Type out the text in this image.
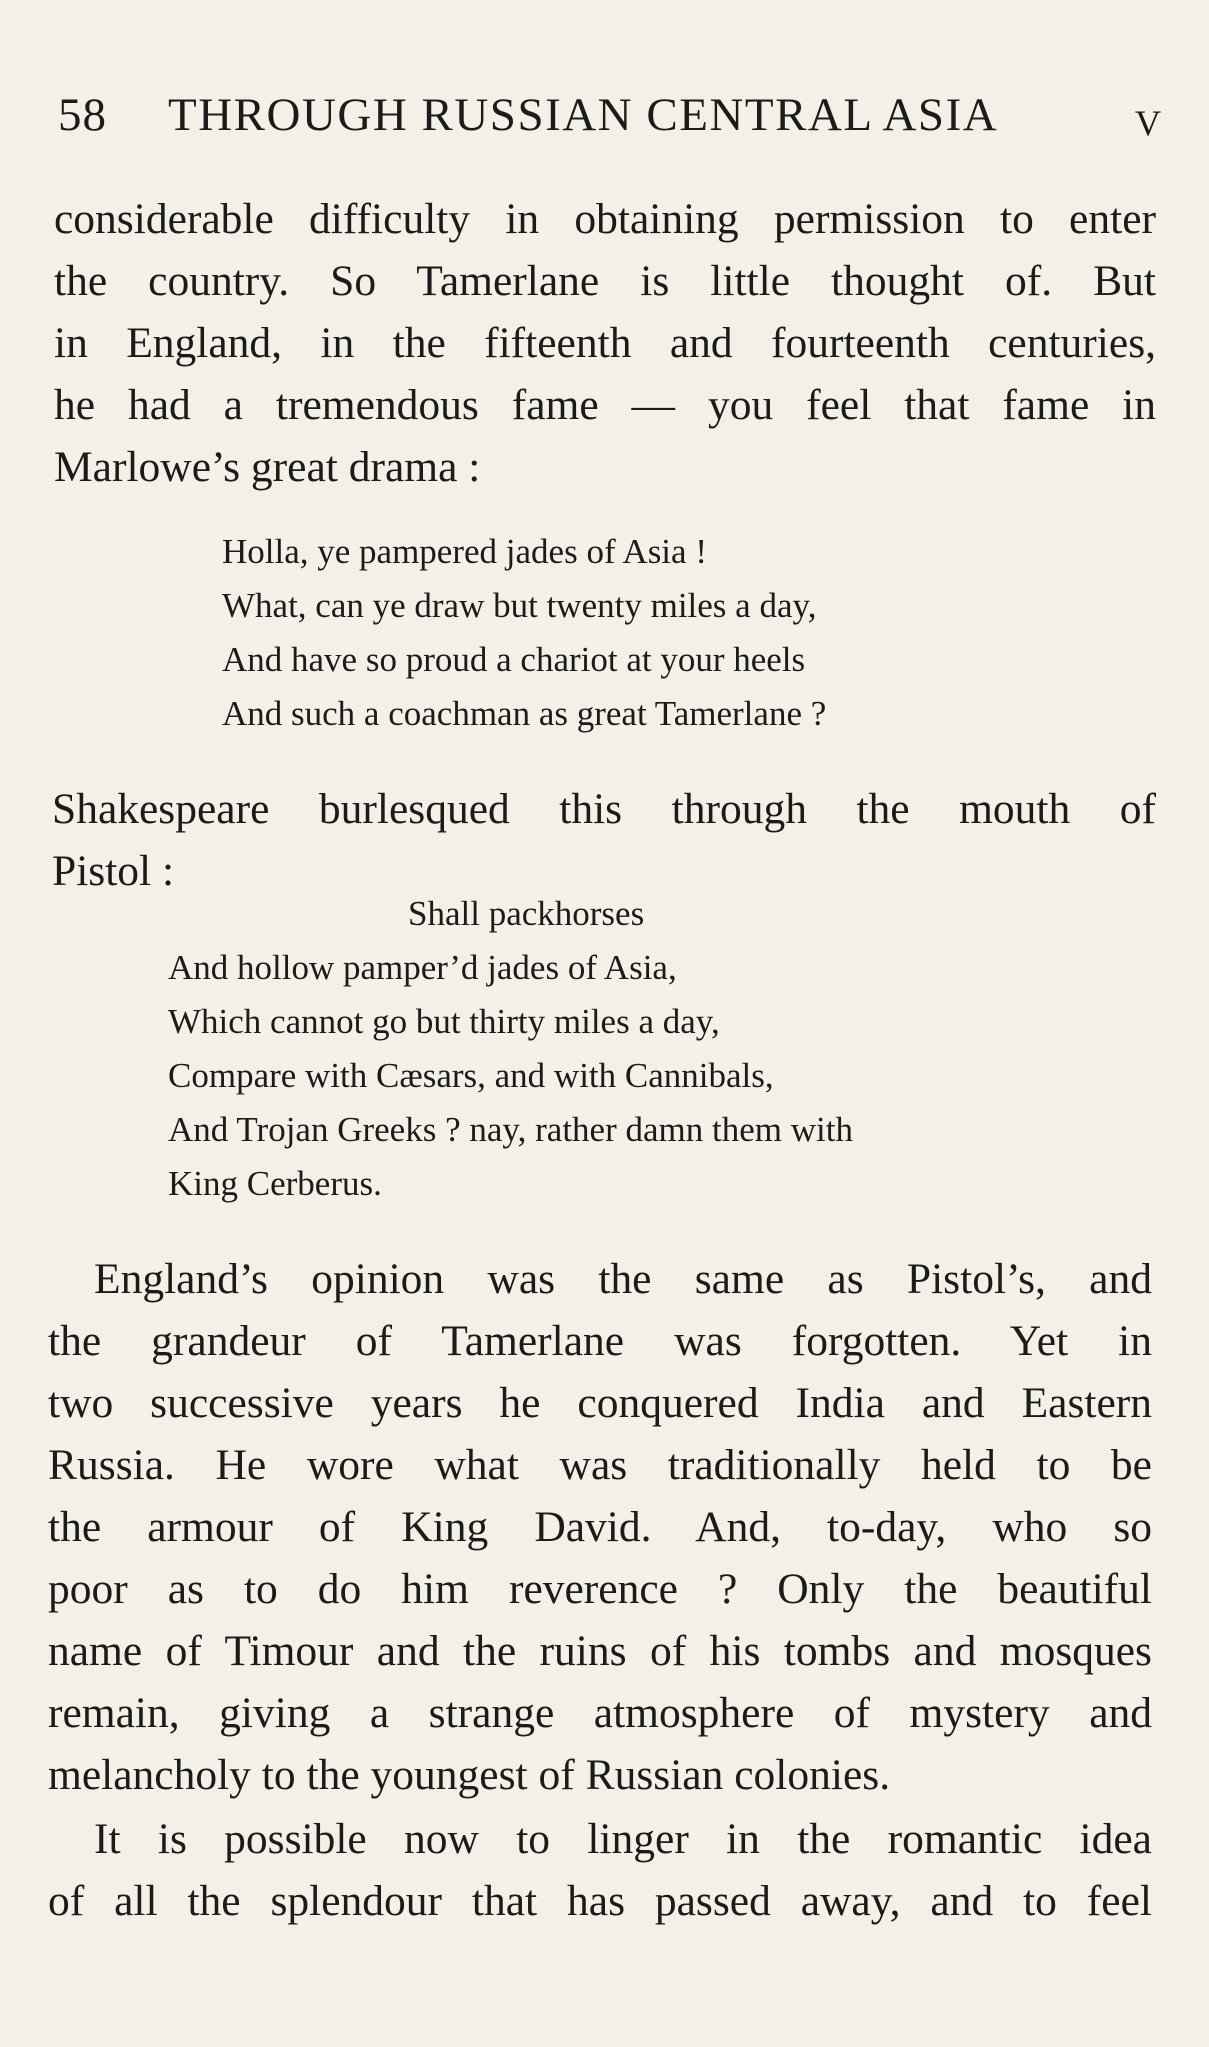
58 THROUGH RUSSIAN CENTRAL ASIA	V
considerable difficulty in obtaining permission to enter
the country. So Tamerlane is little thought of. But
in England, in the fifteenth and fourteenth centuries,
he had a tremendous fame — you feel that fame in
Marlowe’s great drama :
Holla, ye pampered jades of Asia !
What, can ye draw but twenty miles a day,
And have so proud a chariot at your heels
And such a coachman as great Tamerlane ?
Shakespeare burlesqued this through the mouth of
Pistol :
Shall packhorses
And hollow pamper’d jades of Asia,
Which cannot go but thirty miles a day,
Compare with Cæsars, and with Cannibals,
And Trojan Greeks ? nay, rather damn them with
King Cerberus.
England’s opinion was the same as Pistol’s, and
the grandeur of Tamerlane was forgotten. Yet in
two successive years he conquered India and Eastern
Russia. He wore what was traditionally held to be
the armour of King David. And, to-day, who so
poor as to do him reverence ? Only the beautiful
name of Timour and the ruins of his tombs and mosques
remain, giving a strange atmosphere of mystery and
melancholy to the youngest of Russian colonies.
It is possible now to linger in the romantic idea
of all the splendour that has passed away, and to feel
